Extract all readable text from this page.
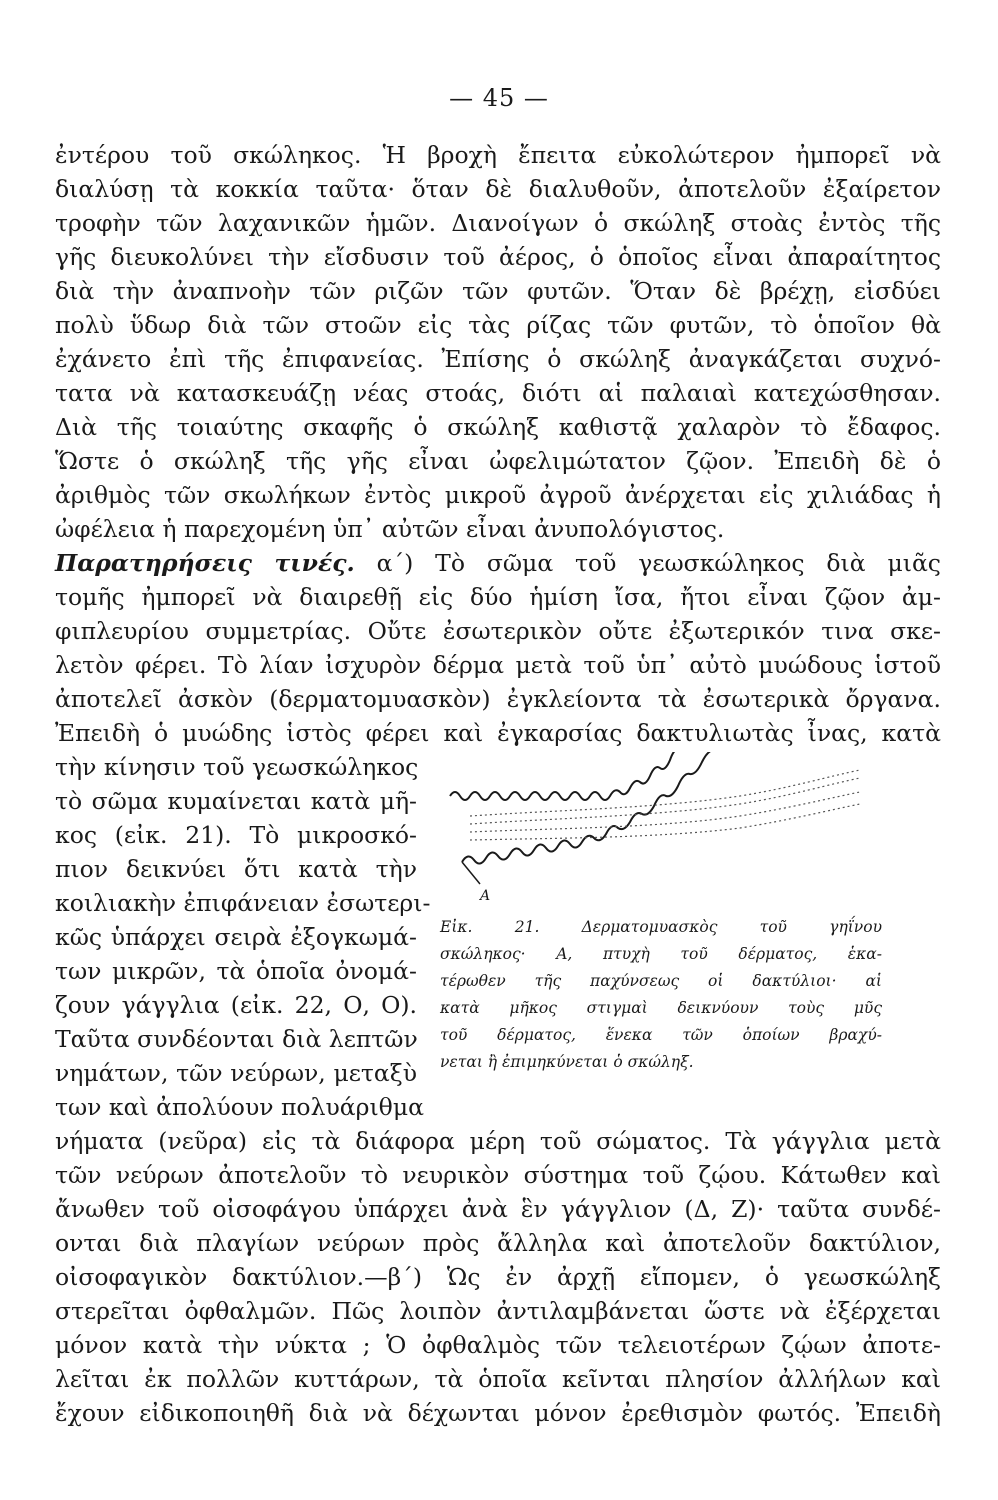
— 45 —
ἐντέρου τοῦ σκώληκος. Ἡ βροχὴ ἔπειτα εὐκολώτερον ἠμπορεῖ νὰ
διαλύσῃ τὰ κοκκία ταῦτα· ὅταν δὲ διαλυθοῦν, ἀποτελοῦν ἐξαίρετον
τροφὴν τῶν λαχανικῶν ἡμῶν. Διανοίγων ὁ σκώληξ στοὰς ἐντὸς τῆς
γῆς διευκολύνει τὴν εἴσδυσιν τοῦ ἀέρος, ὁ ὁποῖος εἶναι ἀπαραίτητος
διὰ τὴν ἀναπνοὴν τῶν ριζῶν τῶν φυτῶν. Ὅταν δὲ βρέχῃ, εἰσδύει
πολὺ ὕδωρ διὰ τῶν στοῶν εἰς τὰς ρίζας τῶν φυτῶν, τὸ ὁποῖον θὰ
ἐχάνετο ἐπὶ τῆς ἐπιφανείας. Ἐπίσης ὁ σκώληξ ἀναγκάζεται συχνό-
τατα νὰ κατασκευάζῃ νέας στοάς, διότι αἱ παλαιαὶ κατεχώσθησαν.
Διὰ τῆς τοιαύτης σκαφῆς ὁ σκώληξ καθιστᾷ χαλαρὸν τὸ ἔδαφος.
Ὥστε ὁ σκώληξ τῆς γῆς εἶναι ὠφελιμώτατον ζῷον. Ἐπειδὴ δὲ ὁ
ἀριθμὸς τῶν σκωλήκων ἐντὸς μικροῦ ἀγροῦ ἀνέρχεται εἰς χιλιάδας ἡ
ὠφέλεια ἡ παρεχομένη ὑπ᾽ αὐτῶν εἶναι ἀνυπολόγιστος.
Παρατηρήσεις τινές. α΄) Τὸ σῶμα τοῦ γεωσκώληκος διὰ μιᾶς
τομῆς ἠμπορεῖ νὰ διαιρεθῇ εἰς δύο ἡμίση ἴσα, ἤτοι εἶναι ζῷον ἀμ-
φιπλευρίου συμμετρίας. Οὔτε ἐσωτερικὸν οὔτε ἐξωτερικόν τινα σκε-
λετὸν φέρει. Τὸ λίαν ἰσχυρὸν δέρμα μετὰ τοῦ ὑπ᾽ αὐτὸ μυώδους ἱστοῦ
ἀποτελεῖ ἀσκὸν (δερματομυασκὸν) ἐγκλείοντα τὰ ἐσωτερικὰ ὄργανα.
Ἐπειδὴ ὁ μυώδης ἱστὸς φέρει καὶ ἐγκαρσίας δακτυλιωτὰς ἶνας, κατὰ
τὴν κίνησιν τοῦ γεωσκώληκος
τὸ σῶμα κυμαίνεται κατὰ μῆ-
κος (εἰκ. 21). Τὸ μικροσκό-
πιον δεικνύει ὅτι κατὰ τὴν
κοιλιακὴν ἐπιφάνειαν ἐσωτερι-
κῶς ὑπάρχει σειρὰ ἐξογκωμά-
των μικρῶν, τὰ ὁποῖα ὀνομά-
ζουν γάγγλια (εἰκ. 22, Ο, Ο).
Ταῦτα συνδέονται διὰ λεπτῶν
νημάτων, τῶν νεύρων, μεταξὺ
των καὶ ἀπολύουν πολυάριθμα
νήματα (νεῦρα) εἰς τὰ διάφορα μέρη τοῦ σώματος. Τὰ γάγγλια μετὰ
τῶν νεύρων ἀποτελοῦν τὸ νευρικὸν σύστημα τοῦ ζῴου. Κάτωθεν καὶ
ἄνωθεν τοῦ οἰσοφάγου ὑπάρχει ἀνὰ ἓν γάγγλιον (Δ, Ζ)· ταῦτα συνδέ-
ονται διὰ πλαγίων νεύρων πρὸς ἄλληλα καὶ ἀποτελοῦν δακτύλιον,
οἰσοφαγικὸν δακτύλιον.—β΄) Ὡς ἐν ἀρχῇ εἴπομεν, ὁ γεωσκώληξ
στερεῖται ὀφθαλμῶν. Πῶς λοιπὸν ἀντιλαμβάνεται ὥστε νὰ ἐξέρχεται
μόνον κατὰ τὴν νύκτα ; Ὁ ὀφθαλμὸς τῶν τελειοτέρων ζῴων ἀποτε-
λεῖται ἐκ πολλῶν κυττάρων, τὰ ὁποῖα κεῖνται πλησίον ἀλλήλων καὶ
ἔχουν εἰδικοποιηθῆ διὰ νὰ δέχωνται μόνον ἐρεθισμὸν φωτός. Ἐπειδὴ
A
Εἰκ. 21. Δερματομυασκὸς τοῦ γηΐνου
σκώληκος· Α, πτυχὴ τοῦ δέρματος, ἑκα-
τέρωθεν τῆς παχύνσεως οἱ δακτύλιοι· αἱ
κατὰ μῆκος στιγμαὶ δεικνύουν τοὺς μῦς
τοῦ δέρματος, ἕνεκα τῶν ὁποίων βραχύ-
νεται ἢ ἐπιμηκύνεται ὁ σκώληξ.
